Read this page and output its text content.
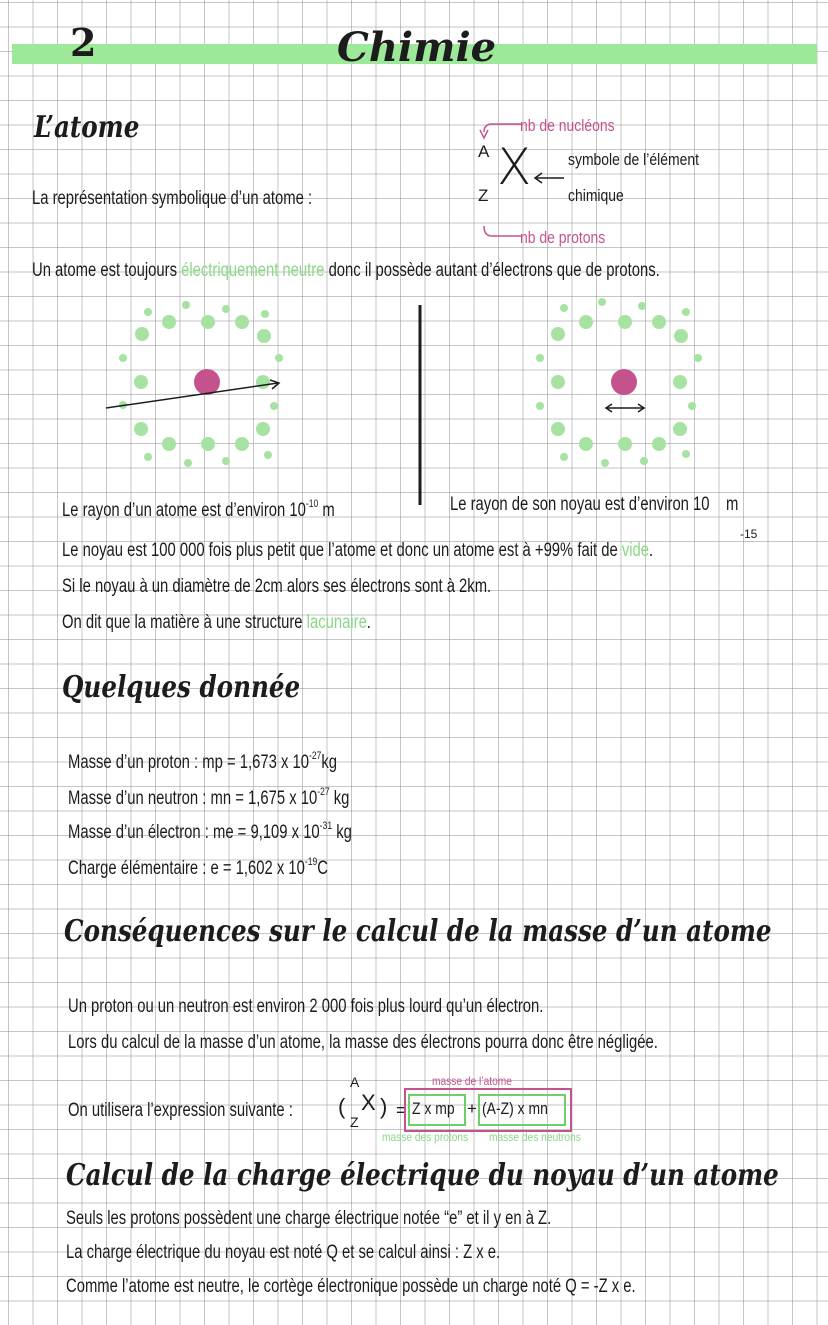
2	Chimie
L’atome
La représentation symbolique d’un atome :
A
Z X
nb de nucléons
symbole de l’élément
chimique
nb de protons
Un atome est toujours électriquement neutre donc il possède autant d’électrons que de protons.
Le rayon d’un atome est d’environ $10^{-10}$ m	Le rayon de son noyau est d’environ 10 m
-15
Le noyau est 100 000 fois plus petit que l’atome et donc un atome est à +99% fait de vide.
Si le noyau à un diamètre de 2cm alors ses électrons sont à 2km.
On dit que la matière à une structure lacunaire.
Quelques donnée
Masse d’un proton : mp = 1,673 x $10^{-27}kg$
Masse d’un neutron : mn = 1,675 x $10^{-27}$ kg
Masse d’un électron : me = 9,109 x $10^{-31}$ kg
Charge élémentaire : e = 1,602 x $10^{-19}C$
Conséquences sur le calcul de la masse d’un atome
Un proton ou un neutron est environ 2 000 fois plus lourd qu’un électron.
Lors du calcul de la masse d’un atome, la masse des électrons pourra donc être négligée.
On utilisera l’expression suivante : (
A
Z
X ) = Z x mp + (A-Z) x mn
masse de l’atome
masse des protons masse des neutrons
Calcul de la charge électrique du noyau d’un atome
Seuls les protons possèdent une charge électrique notée “e” et il y en à Z.
La charge électrique du noyau est noté Q et se calcul ainsi : Z x e.
Comme l’atome est neutre, le cortège électronique possède un charge noté Q = -Z x e.
